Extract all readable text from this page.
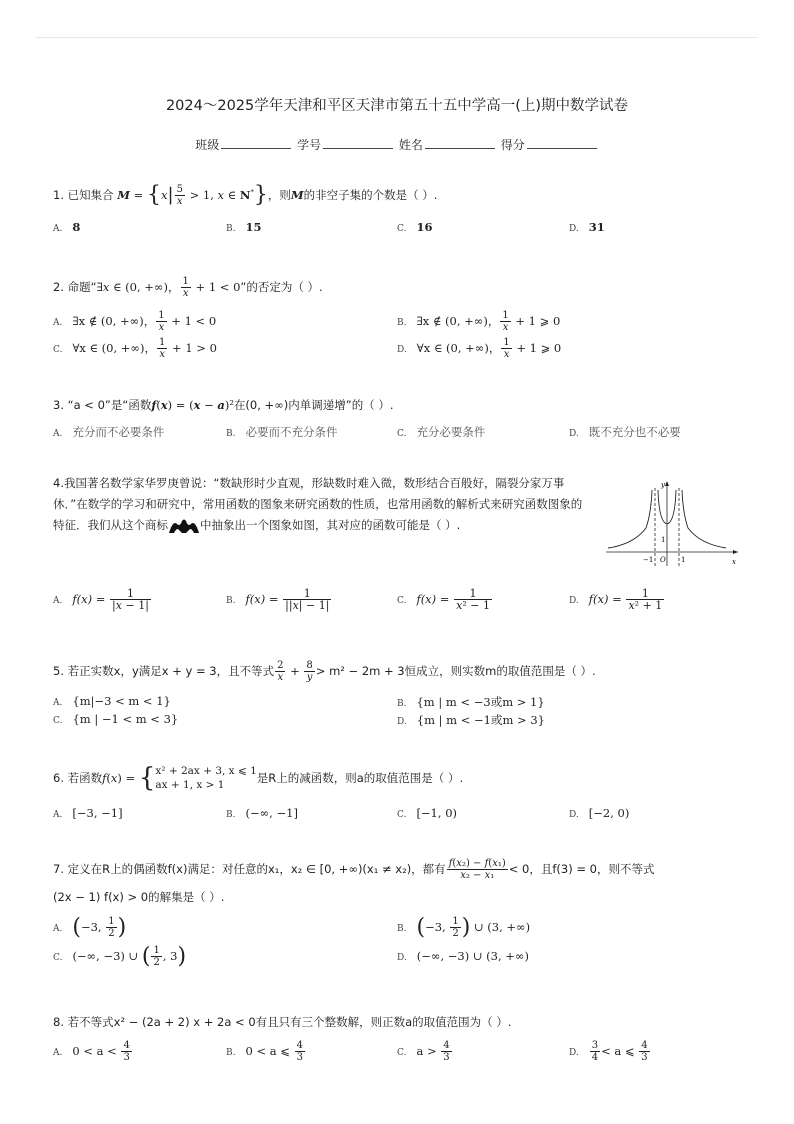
2024～2025学年天津和平区天津市第五十五中学高一(上)期中数学试卷
班级	学号	姓名	得分
1. 已知集合 $M = \{x| \frac{5}{x} > 1$, x ∈ N*}，则M的非空子集的个数是（ ）.
A. 8	B. 15	C. 16	D. 31
2. 命题“∃x ∈ (0, +∞)， $\frac{1}{x} + 1 < 0$”的否定为（ ）.
A. ∃x ∉ (0, +∞)， $\frac{1}{x} + 1 < 0$	B. ∃x ∉ (0, +∞)， $\frac{1}{x} + 1$ ⩾ 0
C. ∀x ∈ (0, +∞)， $\frac{1}{x} + 1 > 0$	D. ∀x ∈ (0, +∞)， $\frac{1}{x} + 1$ ⩾ 0
3. “a < 0”是“函数f(x) = (x − a)²在(0, +∞)内单调递增”的（ ）.
A. 充分而不必要条件	B. 必要而不充分条件	C. 充分必要条件	D. 既不充分也不必要
4.我国著名数学家华罗庚曾说：“数缺形时少直观，形缺数时难入微，数形结合百般好，隔裂分家万事休．”在数学的学习和研究中，常用函数的图象来研究函数的性质，也常用函数的解析式来研究函数图象的特征．我们从这个商标	中抽象出一个图象如图，其对应的函数可能是（ ）.
y
x
O
1
−1	1
A. $f(x) = \frac{1}{|x - 1|}$	B. $f(x) = \frac{1}{||x| - 1|}$	C. $f(x) = \frac{1}{\text{x² − 1}}$	D. $f(x) = \frac{1}{\text{x² + 1}}$
5. 若正实数x，y满足x + y = 3，且不等式 $\frac{2}{x} + \frac{8}{y} > m^2 - 2m + 3$恒成立，则实数m的取值范围是（ ）.
A. {m|−3 < m < 1}	B. {m | m < −3或m > 1}
C. {m | −1 < m < 3}	D. {m | m < −1或m > 3}
6. 若函数f(x) = { x² + 2ax + 3, x ⩽ 1
ax + 1, x > 1	是R上的减函数，则a的取值范围是（ ）.
A. [−3, −1]	B. (−∞, −1]	C. [−1, 0)	D. [−2, 0)
7. 定义在R上的偶函数f(x)满足：对任意的x₁，x₂ ∈ [0, +∞)(x₁ ≠ x₂)，都有 $\frac{\text{f(x₂) − f(x₁)}}{\text{x₂ − x₁}} < 0$，且f(3) = 0，则不等式
(2x − 1) f(x) > 0的解集是（ ）.
A. (−3, $\frac{1}{2}$ )	B. (−3, $\frac{1}{2}$ ) ∪ (3, +∞)
C. (−∞, −3) ∪ ( $\frac{1}{2}$ , 3)	D. (−∞, −3) ∪ (3, +∞)
8. 若不等式x² − (2a + 2) x + 2a < 0有且只有三个整数解，则正数a的取值范围为（ ）.
A. $0 < a < \frac{4}{3}$	B. 0 < a ⩽ $\frac{4}{3}$	C. $a > \frac{4}{3}$	D. $\frac{3}{4} < a$ ⩽ $\frac{4}{3}$
